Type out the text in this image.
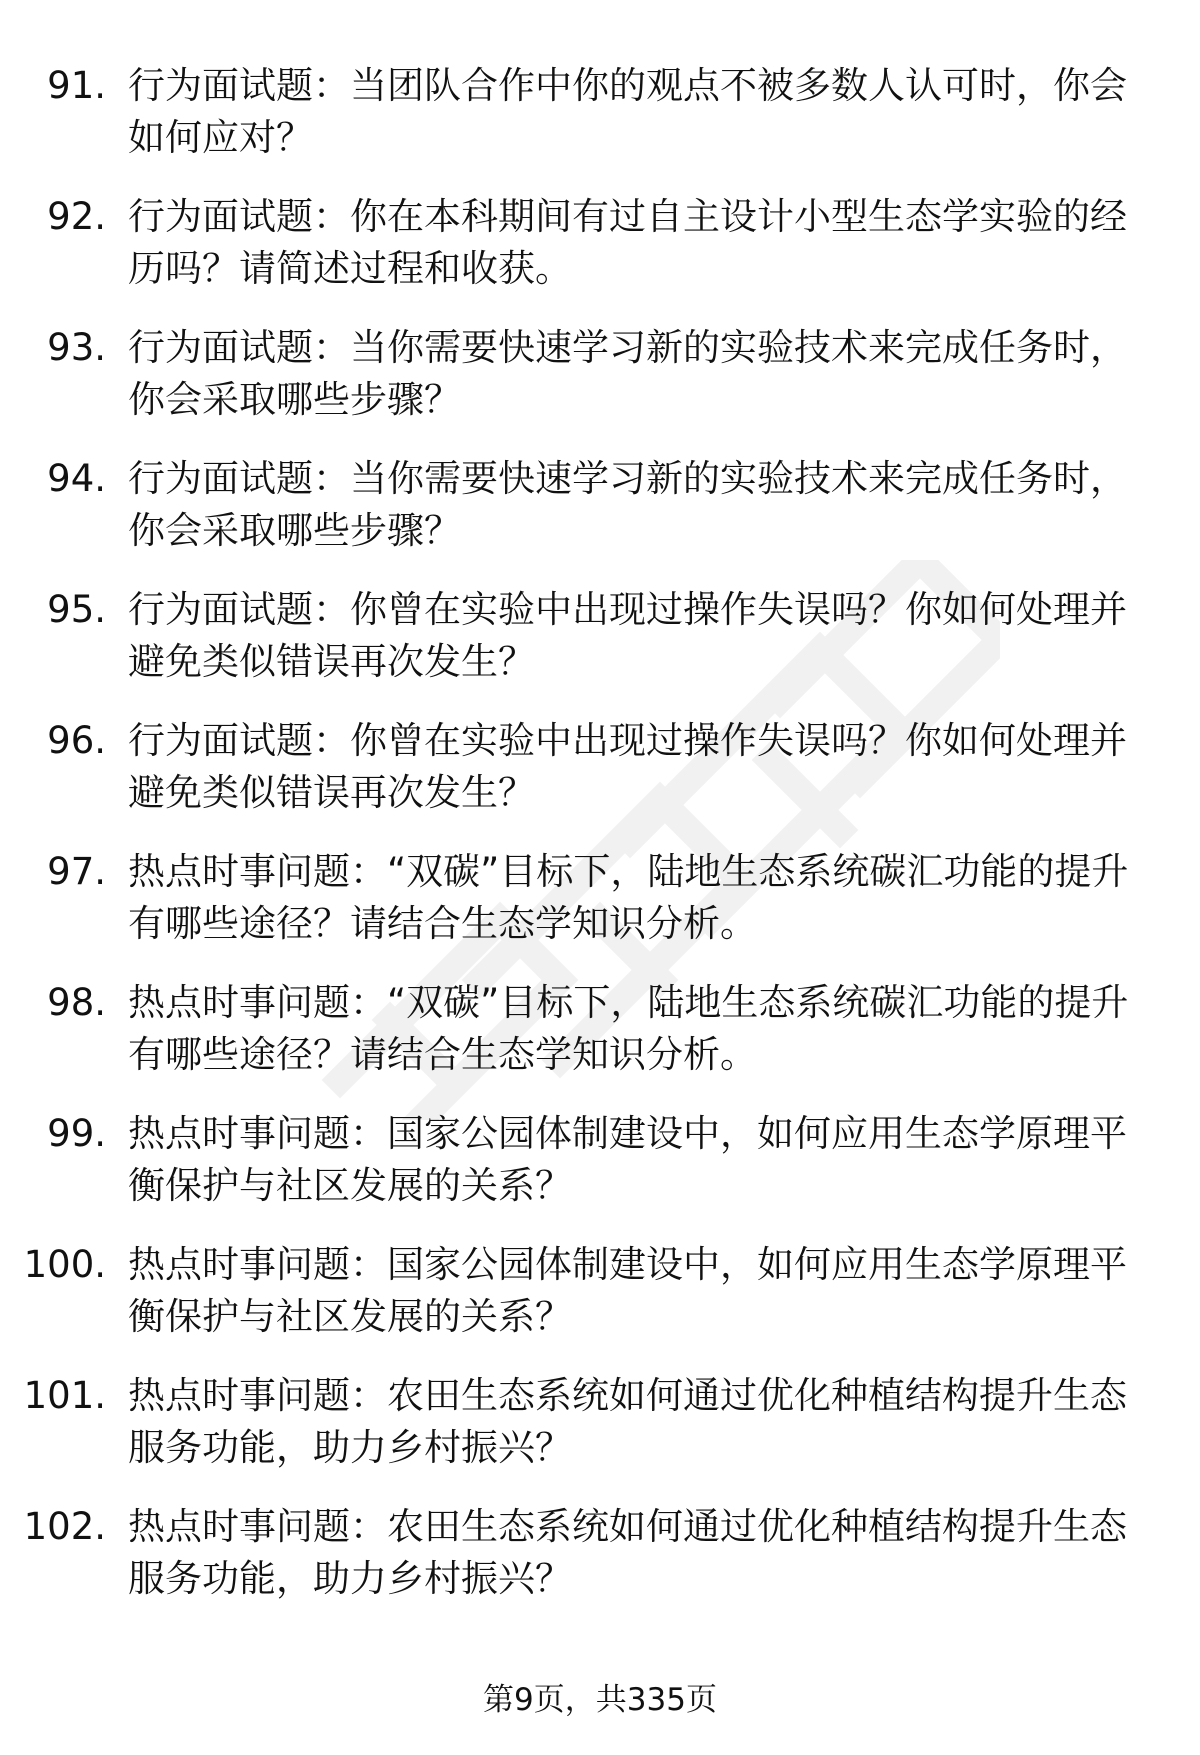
91. 行为面试题：当团队合作中你的观点不被多数人认可时，你会如何应对？
92. 行为面试题：你在本科期间有过自主设计小型生态学实验的经历吗？请简述过程和收获。
93. 行为面试题：当你需要快速学习新的实验技术来完成任务时，你会采取哪些步骤？
94. 行为面试题：当你需要快速学习新的实验技术来完成任务时，你会采取哪些步骤？
95. 行为面试题：你曾在实验中出现过操作失误吗？你如何处理并避免类似错误再次发生？
96. 行为面试题：你曾在实验中出现过操作失误吗？你如何处理并避免类似错误再次发生？
97. 热点时事问题：“双碳”目标下，陆地生态系统碳汇功能的提升有哪些途径？请结合生态学知识分析。
98. 热点时事问题：“双碳”目标下，陆地生态系统碳汇功能的提升有哪些途径？请结合生态学知识分析。
99. 热点时事问题：国家公园体制建设中，如何应用生态学原理平衡保护与社区发展的关系？
100. 热点时事问题：国家公园体制建设中，如何应用生态学原理平衡保护与社区发展的关系？
101. 热点时事问题：农田生态系统如何通过优化种植结构提升生态服务功能，助力乡村振兴？
102. 热点时事问题：农田生态系统如何通过优化种植结构提升生态服务功能，助力乡村振兴？
第9页，共335页
